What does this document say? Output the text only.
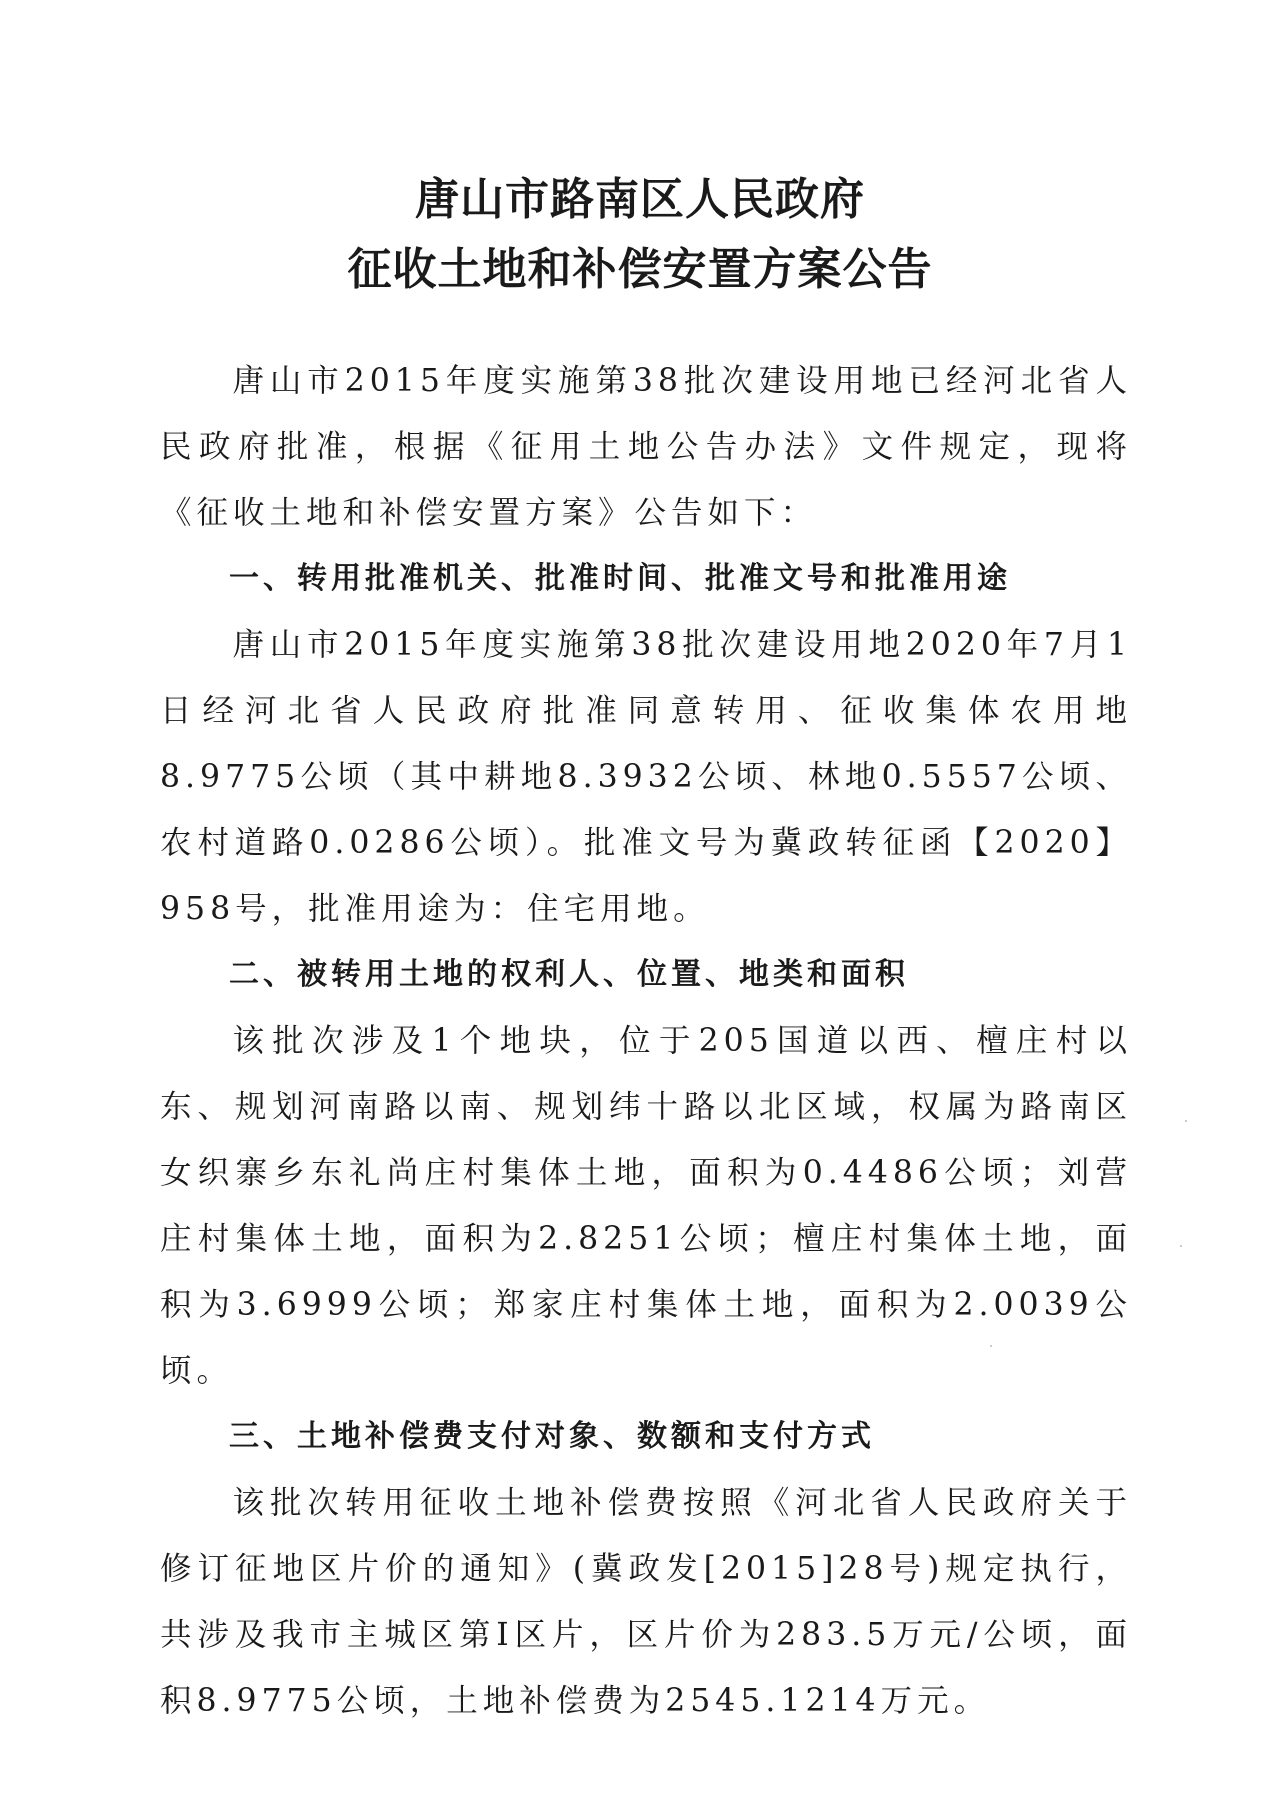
唐山市路南区人民政府
征收土地和补偿安置方案公告

唐山市2015年度实施第38批次建设用地已经河北省人民政府批准，根据《征用土地公告办法》文件规定，现将《征收土地和补偿安置方案》公告如下：

一、转用批准机关、批准时间、批准文号和批准用途

唐山市2015年度实施第38批次建设用地2020年7月1日经河北省人民政府批准同意转用、征收集体农用地8.9775公顷（其中耕地8.3932公顷、林地0.5557公顷、农村道路0.0286公顷）。批准文号为冀政转征函【2020】958号，批准用途为：住宅用地。

二、被转用土地的权利人、位置、地类和面积

该批次涉及1个地块，位于205国道以西、檀庄村以东、规划河南路以南、规划纬十路以北区域，权属为路南区女织寨乡东礼尚庄村集体土地，面积为0.4486公顷；刘营庄村集体土地，面积为2.8251公顷；檀庄村集体土地，面积为3.6999公顷；郑家庄村集体土地，面积为2.0039公顷。

三、土地补偿费支付对象、数额和支付方式

该批次转用征收土地补偿费按照《河北省人民政府关于修订征地区片价的通知》(冀政发[2015]28号)规定执行，共涉及我市主城区第Ⅰ区片，区片价为283.5万元/公顷，面积8.9775公顷，土地补偿费为2545.1214万元。
